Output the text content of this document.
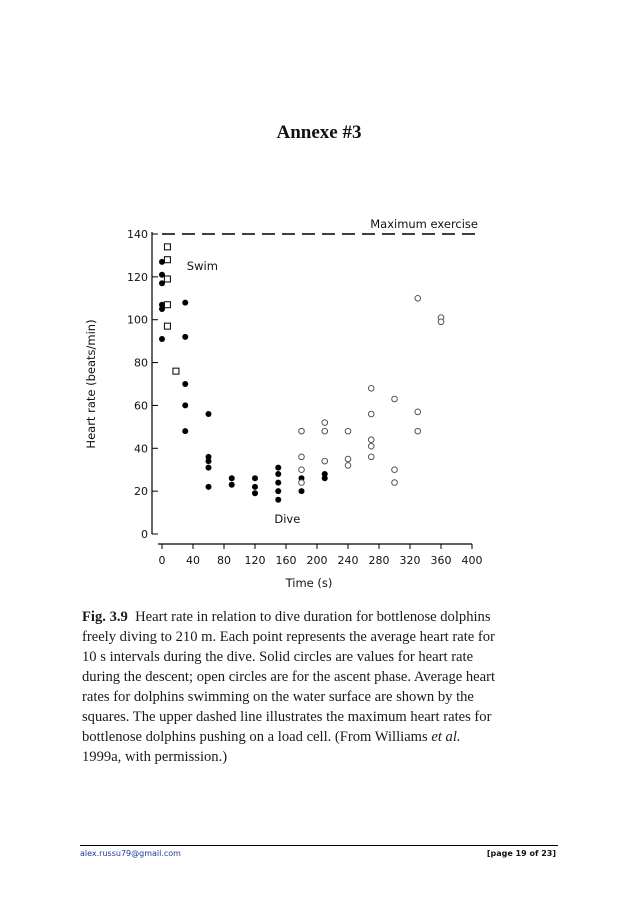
Annexe #3
0
20
40
60
80
100
120
140
0 40 80 120 160 200 240 280 320 360 400
Time (s)
Heart rate (beats/min)
Maximum exercise
Swim
Dive
Fig. 3.9 Heart rate in relation to dive duration for bottlenose dolphins freely diving to 210 m. Each point represents the average heart rate for 10 s intervals during the dive. Solid circles are values for heart rate during the descent; open circles are for the ascent phase. Average heart rates for dolphins swimming on the water surface are shown by the squares. The upper dashed line illustrates the maximum heart rates for bottlenose dolphins pushing on a load cell. (From Williams et al. 1999a, with permission.)
alex.russu79@gmail.com	[page 19 of 23]
